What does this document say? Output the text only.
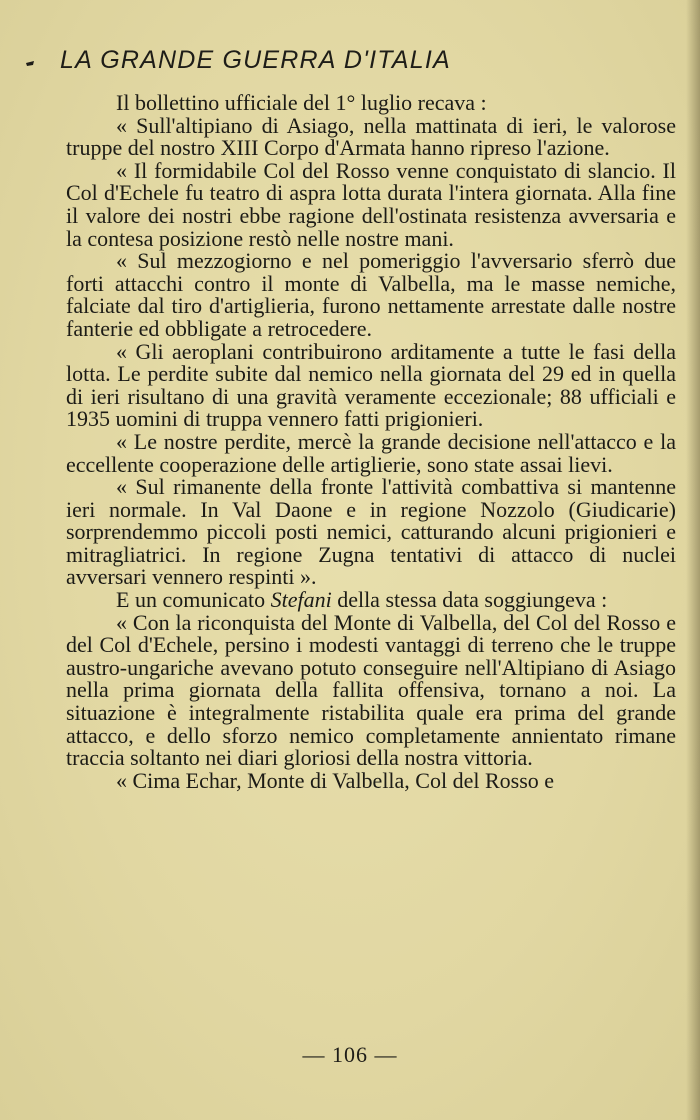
LA GRANDE GUERRA D'ITALIA

Il bollettino ufficiale del 1° luglio recava :

« Sull'altipiano di Asiago, nella mattinata di ieri, le valorose truppe del nostro XIII Corpo d'Armata hanno ripreso l'azione.

« Il formidabile Col del Rosso venne conquistato di slancio. Il Col d'Echele fu teatro di aspra lotta durata l'intera giornata. Alla fine il valore dei nostri ebbe ragione dell'ostinata resistenza avversaria e la contesa posizione restò nelle nostre mani.

« Sul mezzogiorno e nel pomeriggio l'avversario sferrò due forti attacchi contro il monte di Valbella, ma le masse nemiche, falciate dal tiro d'artiglieria, furono nettamente arrestate dalle nostre fanterie ed obbligate a retrocedere.

« Gli aeroplani contribuirono arditamente a tutte le fasi della lotta. Le perdite subite dal nemico nella giornata del 29 ed in quella di ieri risultano di una gravità veramente eccezionale; 88 ufficiali e 1935 uomini di truppa vennero fatti prigionieri.

« Le nostre perdite, mercè la grande decisione nell'attacco e la eccellente cooperazione delle artiglierie, sono state assai lievi.

« Sul rimanente della fronte l'attività combattiva si mantenne ieri normale. In Val Daone e in regione Nozzolo (Giudicarie) sorprendemmo piccoli posti nemici, catturando alcuni prigionieri e mitragliatrici. In regione Zugna tentativi di attacco di nuclei avversari vennero respinti ».

E un comunicato Stefani della stessa data soggiungeva :

« Con la riconquista del Monte di Valbella, del Col del Rosso e del Col d'Echele, persino i modesti vantaggi di terreno che le truppe austro-ungariche avevano potuto conseguire nell'Altipiano di Asiago nella prima giornata della fallita offensiva, tornano a noi. La situazione è integralmente ristabilita quale era prima del grande attacco, e dello sforzo nemico completamente annientato rimane traccia soltanto nei diari gloriosi della nostra vittoria.

« Cima Echar, Monte di Valbella, Col del Rosso e

— 106 —
